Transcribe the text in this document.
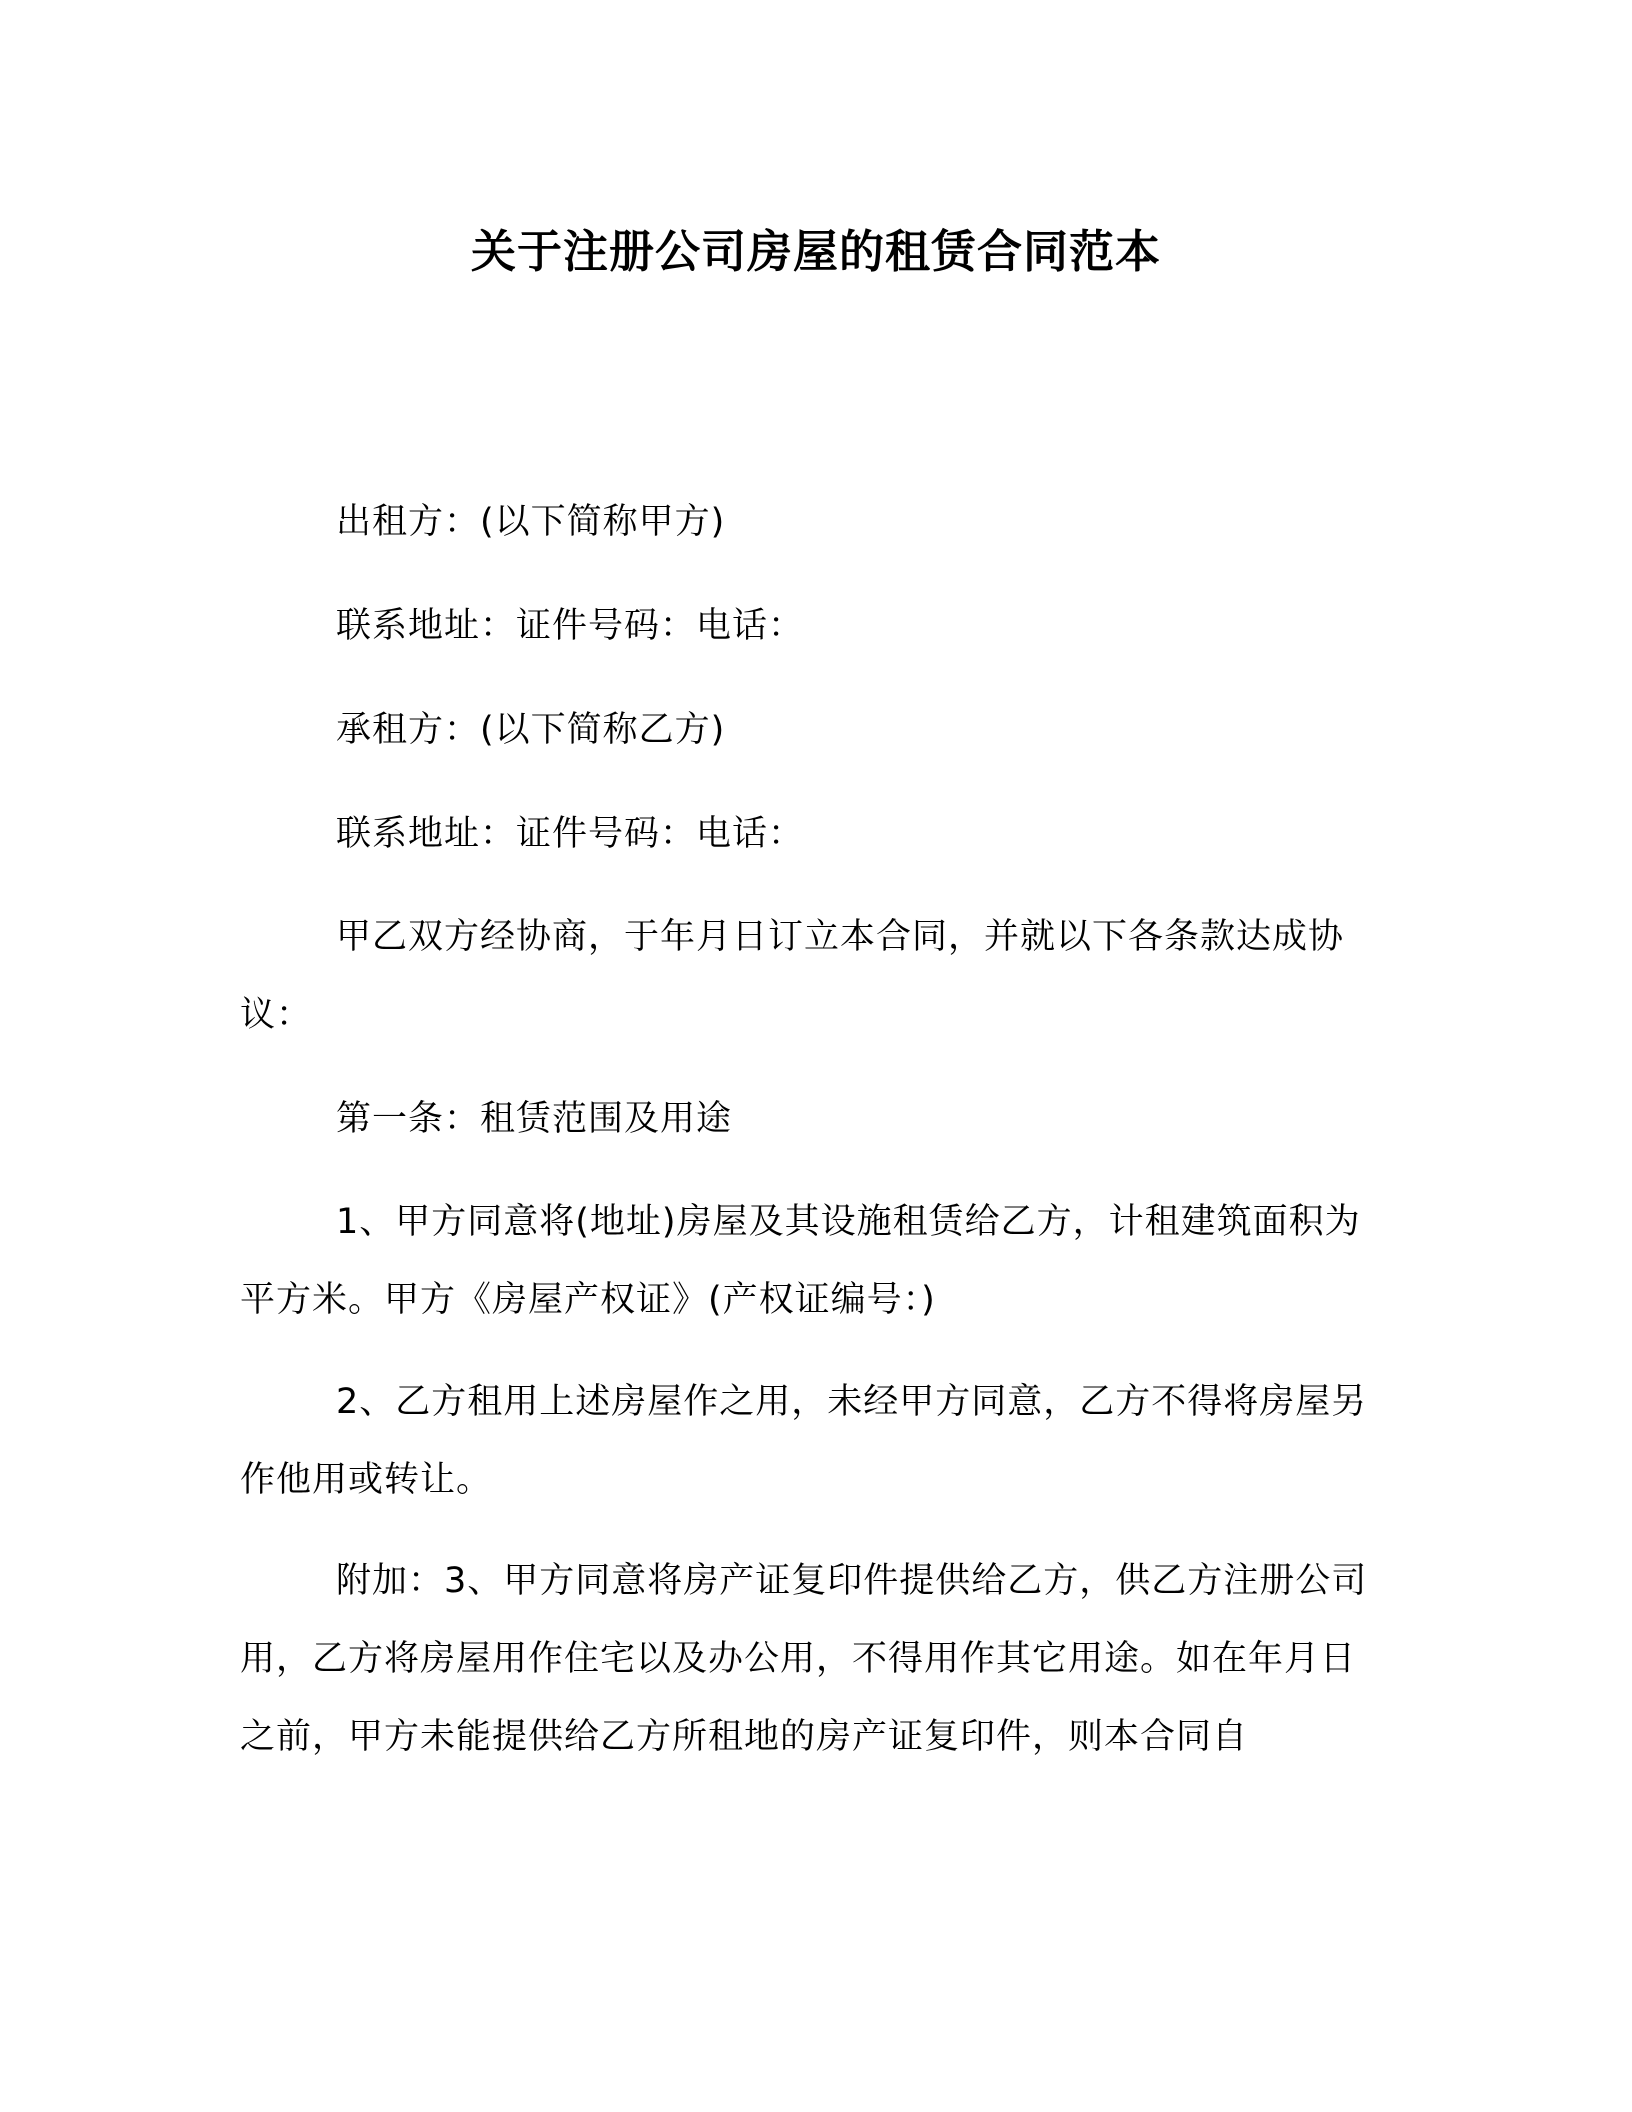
关于注册公司房屋的租赁合同范本

出租方：(以下简称甲方)

联系地址：证件号码：电话：

承租方：(以下简称乙方)

联系地址：证件号码：电话：

甲乙双方经协商，于年月日订立本合同，并就以下各条款达成协议：

第一条：租赁范围及用途

1、甲方同意将(地址)房屋及其设施租赁给乙方，计租建筑面积为平方米。甲方《房屋产权证》(产权证编号：)

2、乙方租用上述房屋作之用，未经甲方同意，乙方不得将房屋另作他用或转让。

附加：3、甲方同意将房产证复印件提供给乙方，供乙方注册公司用，乙方将房屋用作住宅以及办公用，不得用作其它用途。如在年月日之前，甲方未能提供给乙方所租地的房产证复印件，则本合同自
